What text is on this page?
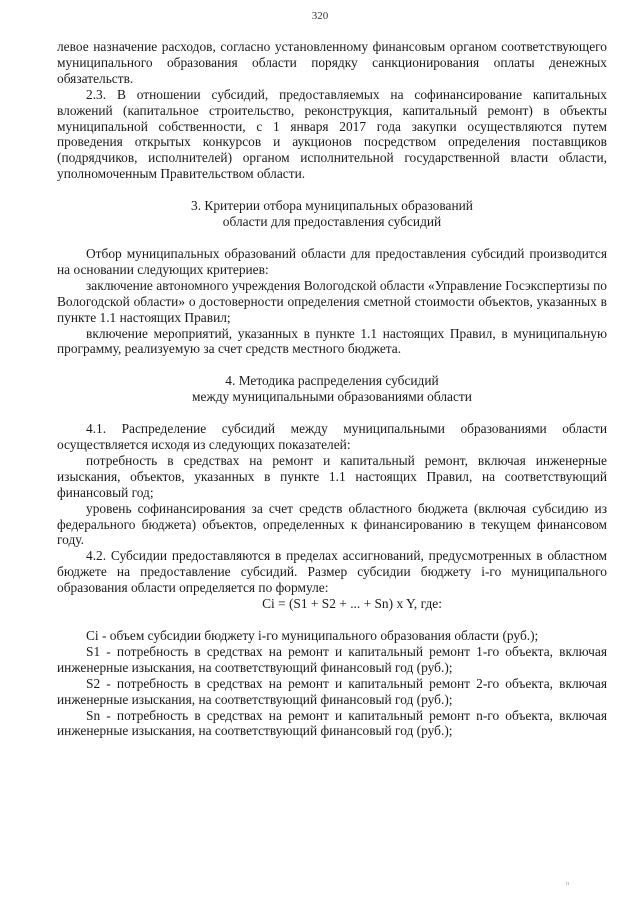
320

левое назначение расходов, согласно установленному финансовым органом соответствующего муниципального образования области порядку санкционирования оплаты денежных обязательств.

2.3. В отношении субсидий, предоставляемых на софинансирование капитальных вложений (капитальное строительство, реконструкция, капитальный ремонт) в объекты муниципальной собственности, с 1 января 2017 года закупки осуществляются путем проведения открытых конкурсов и аукционов посредством определения поставщиков (подрядчиков, исполнителей) органом исполнительной государственной власти области, уполномоченным Правительством области.

3. Критерии отбора муниципальных образований

области для предоставления субсидий

Отбор муниципальных образований области для предоставления субсидий производится на основании следующих критериев:

заключение автономного учреждения Вологодской области «Управление Госэкспертизы по Вологодской области» о достоверности определения сметной стоимости объектов, указанных в пункте 1.1 настоящих Правил;

включение мероприятий, указанных в пункте 1.1 настоящих Правил, в муниципальную программу, реализуемую за счет средств местного бюджета.

4. Методика распределения субсидий

между муниципальными образованиями области

4.1. Распределение субсидий между муниципальными образованиями области осуществляется исходя из следующих показателей:

потребность в средствах на ремонт и капитальный ремонт, включая инженерные изыскания, объектов, указанных в пункте 1.1 настоящих Правил, на соответствующий финансовый год;

уровень софинансирования за счет средств областного бюджета (включая субсидию из федерального бюджета) объектов, определенных к финансированию в текущем финансовом году.

4.2. Субсидии предоставляются в пределах ассигнований, предусмотренных в областном бюджете на предоставление субсидий. Размер субсидии бюджету i-го муниципального образования области определяется по формуле:

Ci = (S1 + S2 + ... + Sn) x Y, где:

Ci - объем субсидии бюджету i-го муниципального образования области (руб.);

S1 - потребность в средствах на ремонт и капитальный ремонт 1-го объекта, включая инженерные изыскания, на соответствующий финансовый год (руб.);

S2 - потребность в средствах на ремонт и капитальный ремонт 2-го объекта, включая инженерные изыскания, на соответствующий финансовый год (руб.);

Sn - потребность в средствах на ремонт и капитальный ремонт n-го объекта, включая инженерные изыскания, на соответствующий финансовый год (руб.);

п
